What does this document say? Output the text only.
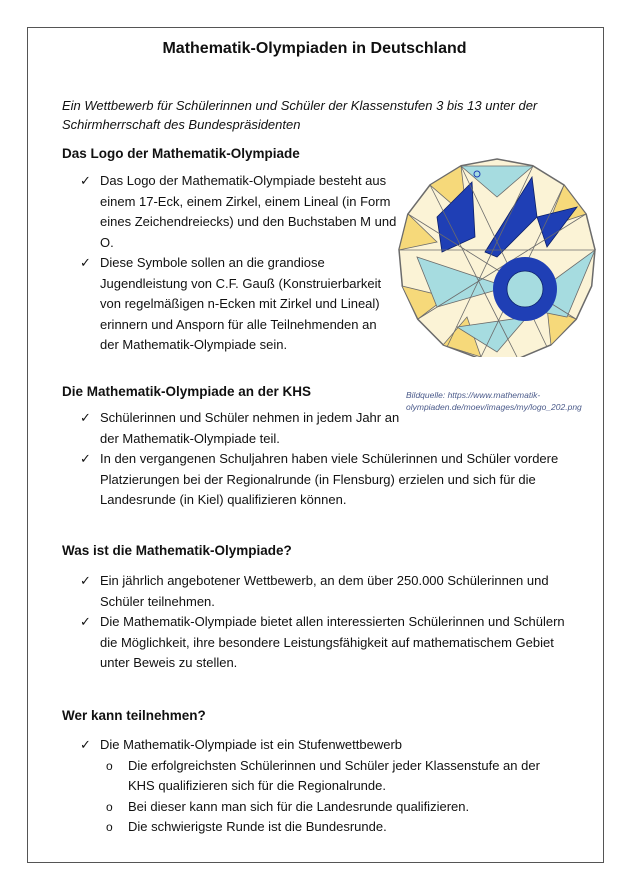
Mathematik-Olympiaden in Deutschland
Ein Wettbewerb für Schülerinnen und Schüler der Klassenstufen 3 bis 13 unter der Schirmherrschaft des Bundespräsidenten
Das Logo der Mathematik-Olympiade
✓ Das Logo der Mathematik-Olympiade besteht aus einem 17-Eck, einem Zirkel, einem Lineal (in Form eines Zeichendreiecks) und den Buchstaben M und O.
✓ Diese Symbole sollen an die grandiose Jugendleistung von C.F. Gauß (Konstruierbarkeit von regelmäßigen n-Ecken mit Zirkel und Lineal) erinnern und Ansporn für alle Teilnehmenden an der Mathematik-Olympiade sein.
Bildquelle: https://www.mathematik-olympiaden.de/moev/images/my/logo_202.png
Die Mathematik-Olympiade an der KHS
✓ Schülerinnen und Schüler nehmen in jedem Jahr an der Mathematik-Olympiade teil.
✓ In den vergangenen Schuljahren haben viele Schülerinnen und Schüler vordere Platzierungen bei der Regionalrunde (in Flensburg) erzielen und sich für die Landesrunde (in Kiel) qualifizieren können.
Was ist die Mathematik-Olympiade?
✓ Ein jährlich angebotener Wettbewerb, an dem über 250.000 Schülerinnen und Schüler teilnehmen.
✓ Die Mathematik-Olympiade bietet allen interessierten Schülerinnen und Schülern die Möglichkeit, ihre besondere Leistungsfähigkeit auf mathematischem Gebiet unter Beweis zu stellen.
Wer kann teilnehmen?
✓ Die Mathematik-Olympiade ist ein Stufenwettbewerb
o Die erfolgreichsten Schülerinnen und Schüler jeder Klassenstufe an der KHS qualifizieren sich für die Regionalrunde.
o Bei dieser kann man sich für die Landesrunde qualifizieren.
o Die schwierigste Runde ist die Bundesrunde.
